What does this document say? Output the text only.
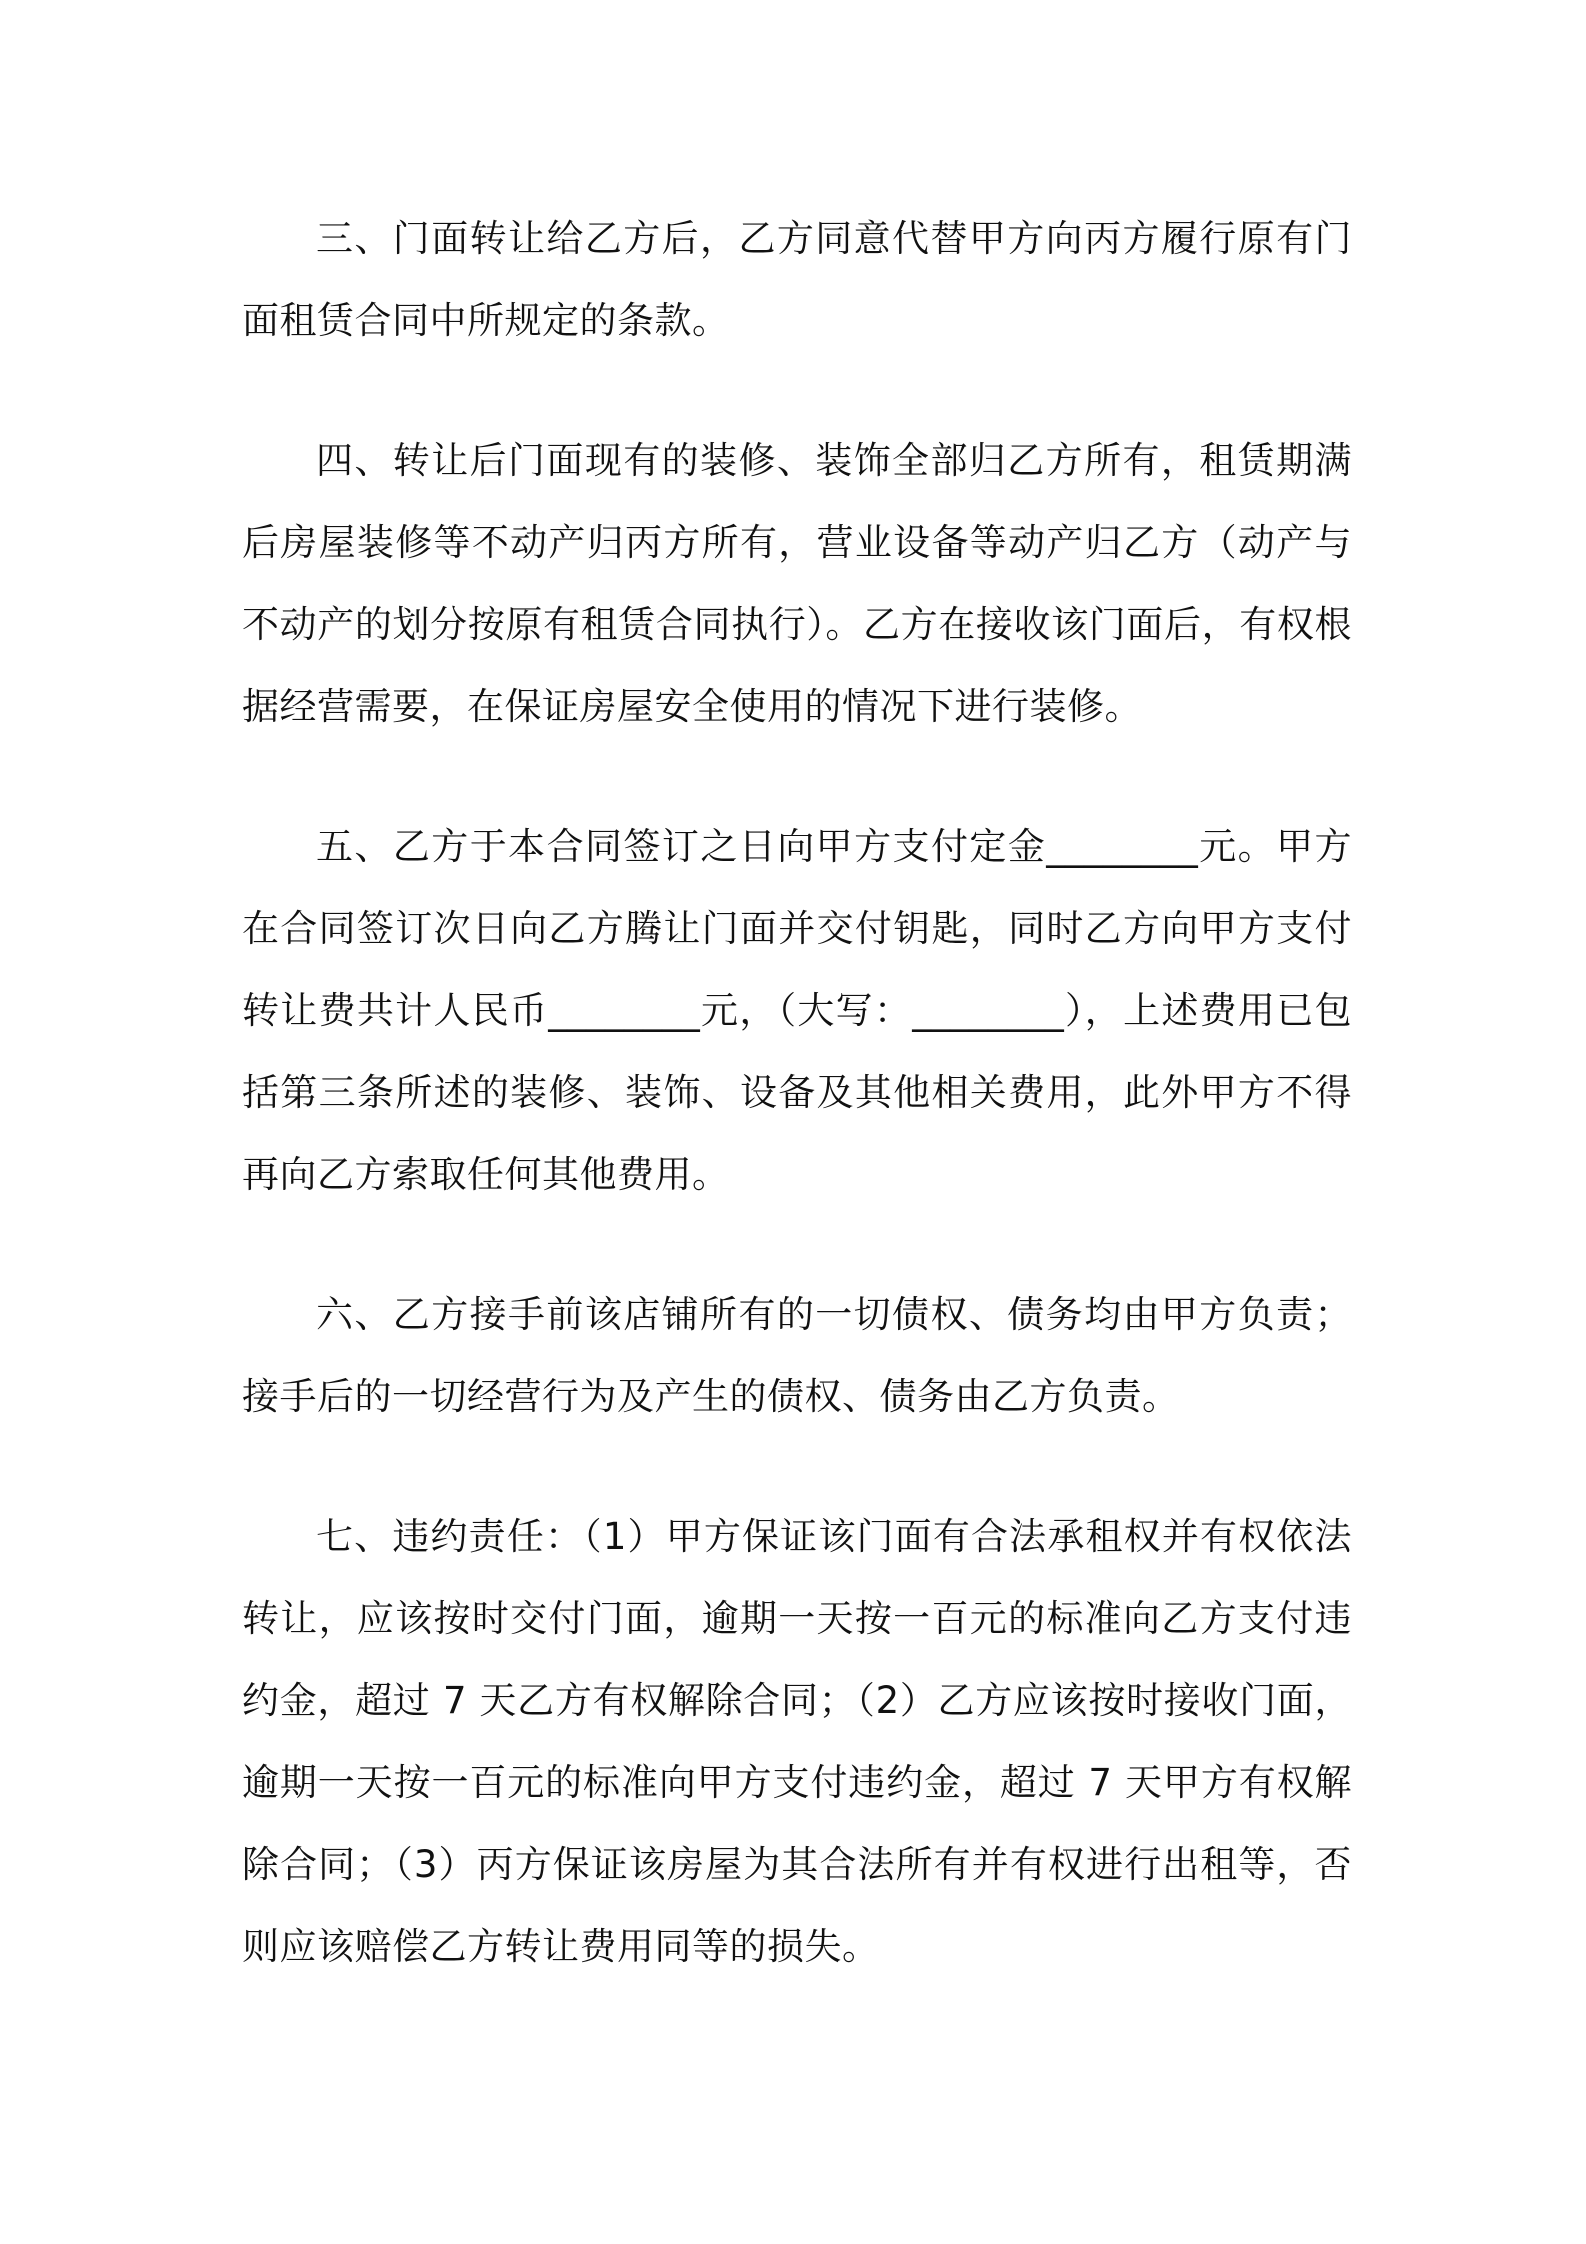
三、门面转让给乙方后，乙方同意代替甲方向丙方履行原有门面租赁合同中所规定的条款。

四、转让后门面现有的装修、装饰全部归乙方所有，租赁期满后房屋装修等不动产归丙方所有，营业设备等动产归乙方（动产与不动产的划分按原有租赁合同执行）。乙方在接收该门面后，有权根据经营需要，在保证房屋安全使用的情况下进行装修。

五、乙方于本合同签订之日向甲方支付定金________元。甲方在合同签订次日向乙方腾让门面并交付钥匙，同时乙方向甲方支付转让费共计人民币________元，（大写：________），上述费用已包括第三条所述的装修、装饰、设备及其他相关费用，此外甲方不得再向乙方索取任何其他费用。

六、乙方接手前该店铺所有的一切债权、债务均由甲方负责；接手后的一切经营行为及产生的债权、债务由乙方负责。

七、违约责任：（1）甲方保证该门面有合法承租权并有权依法转让，应该按时交付门面，逾期一天按一百元的标准向乙方支付违约金，超过 7 天乙方有权解除合同；（2）乙方应该按时接收门面，逾期一天按一百元的标准向甲方支付违约金，超过 7 天甲方有权解除合同；（3）丙方保证该房屋为其合法所有并有权进行出租等，否则应该赔偿乙方转让费用同等的损失。
